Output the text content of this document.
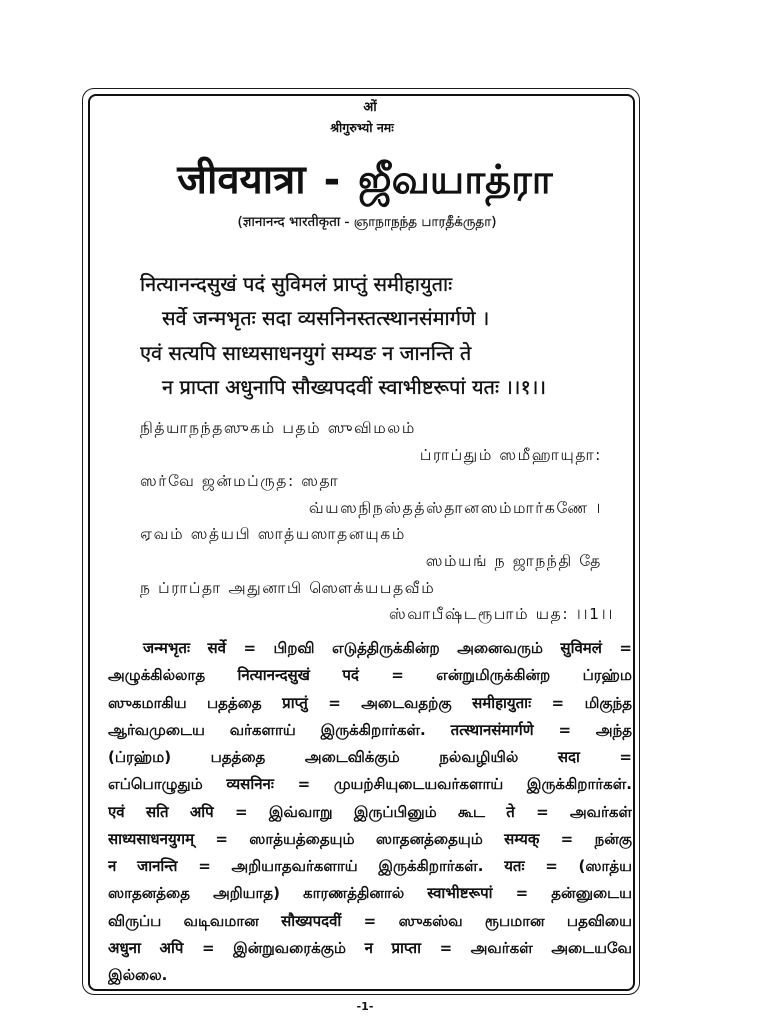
ओं
श्रीगुरुभ्यो नमः
जीवयात्रा - ஜீவயாத்ரா
(ज्ञानानन्द भारतीकृता - ஞாநாநந்த பாரதீக்ருதா)
नित्यानन्दसुखं पदं सुविमलं प्राप्तुं समीहायुताः
सर्वे जन्मभृतः सदा व्यसनिनस्तत्स्थानसंमार्गणे ।
एवं सत्यपि साध्यसाधनयुगं सम्यङ न जानन्ति ते
न प्राप्ता अधुनापि सौख्यपदवीं स्वाभीष्टरूपां यतः ।।१।।
நித்யாநந்தஸுகம் பதம் ஸுவிமலம்
ப்ராப்தும் ஸமீஹாயுதா:
ஸர்வே ஜன்மப்ருத: ஸதா
வ்யஸநிநஸ்தத்ஸ்தானஸம்மார்கணே ।
ஏவம் ஸத்யபி ஸாத்யஸாதனயுகம்
ஸம்யங் ந ஜாநந்தி தே
ந ப்ராப்தா அதுனாபி ஸௌக்யபதவீம்
ஸ்வாபீஷ்டரூபாம் யத: ।।1।।
जन्मभृतः सर्वे = பிறவி எடுத்திருக்கின்ற அனைவரும் सुविमलं =
அழுக்கில்லாத नित्यानन्दसुखं पदं = என்றுமிருக்கின்ற ப்ரஹ்ம
ஸுகமாகிய பதத்தை प्राप्तुं = அடைவதற்கு समीहायुताः = மிகுந்த
ஆர்வமுடைய வர்களாய் இருக்கிறார்கள். तत्स्थानसंमार्गणे = அந்த
(ப்ரஹ்ம) பதத்தை அடைவிக்கும் நல்வழியில் सदा =
எப்பொழுதும் व्यसनिनः = முயற்சியுடையவர்களாய் இருக்கிறார்கள்.
एवं सति अपि = இவ்வாறு இருப்பினும் கூட ते = அவர்கள்
साध्यसाधनयुगम् = ஸாத்யத்தையும் ஸாதனத்தையும் सम्यक् = நன்கு
न जानन्ति = அறியாதவர்களாய் இருக்கிறார்கள். यतः = (ஸாத்ய
ஸாதனத்தை அறியாத) காரணத்தினால் स्वाभीष्टरूपां = தன்னுடைய
விருப்ப வடிவமான सौख्यपदवीं = ஸுகஸ்வ ரூபமான பதவியை
अधुना अपि = இன்றுவரைக்கும் न प्राप्ता = அவர்கள் அடையவே
இல்லை.
-1-
